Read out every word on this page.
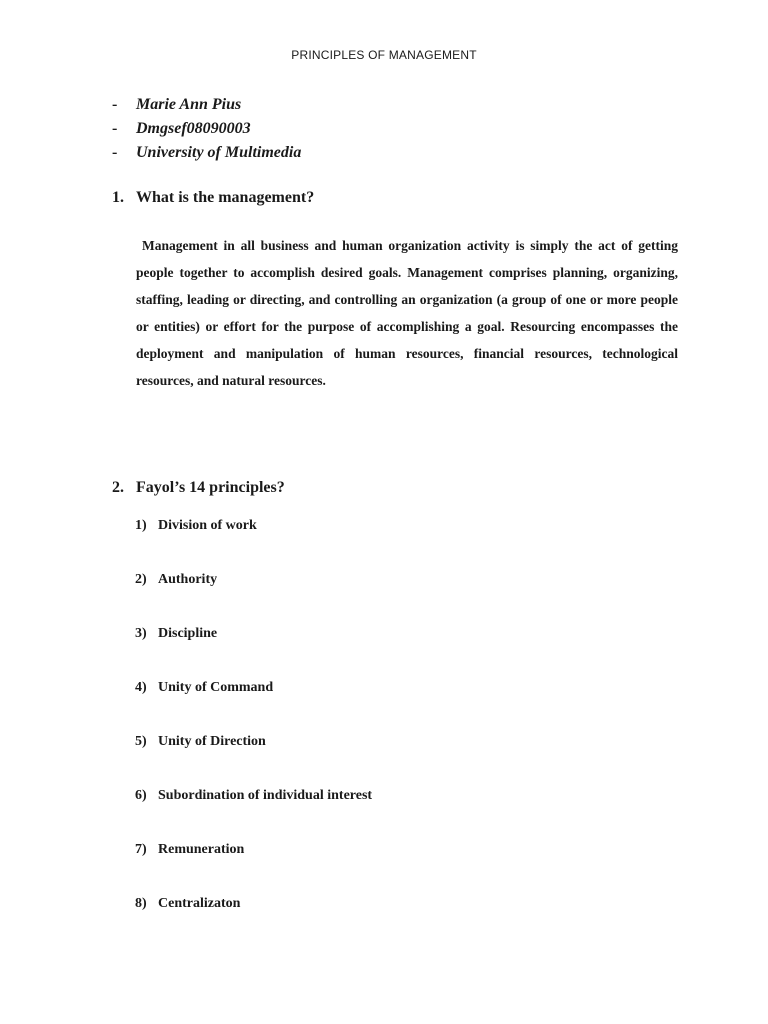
PRINCIPLES OF MANAGEMENT
-	Marie Ann Pius
-	Dmgsef08090003
-	University of Multimedia
1. What is the management?

Management in all business and human organization activity is simply the act of getting people together to accomplish desired goals. Management comprises planning, organizing, staffing, leading or directing, and controlling an organization (a group of one or more people or entities) or effort for the purpose of accomplishing a goal. Resourcing encompasses the deployment and manipulation of human resources, financial resources, technological resources, and natural resources.

2. Fayol’s 14 principles?
1) Division of work
2) Authority
3) Discipline
4) Unity of Command
5) Unity of Direction
6) Subordination of individual interest
7) Remuneration
8) Centralizaton
